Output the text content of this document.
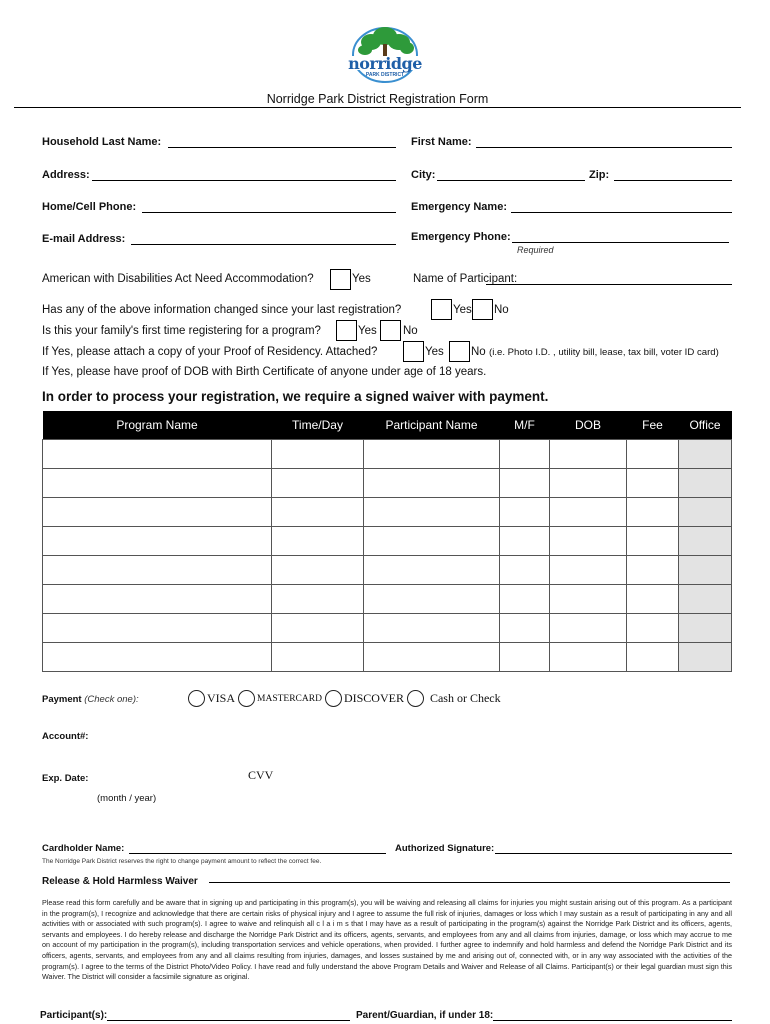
norridge
PARK DISTRICT
Norridge Park District Registration Form
Household Last Name:	First Name:
Address:	City:	Zip:
Home/Cell Phone:	Emergency Name:
E-mail Address:	Emergency Phone:
Required
American with Disabilities Act Need Accommodation?	Yes	Name of Participant:
Has any of the above information changed since your last registration?	Yes No
Is this your family's first time registering for a program?	Yes No
If Yes, please attach a copy of your Proof of Residency. Attached?	Yes No (i.e. Photo I.D. , utility bill, lease, tax bill, voter ID card)
If Yes, please have proof of DOB with Birth Certificate of anyone under age of 18 years.
In order to process your registration, we require a signed waiver with payment.
Program Name	Time/Day	Participant Name	M/F	DOB	Fee	Office

Payment (Check one):	VISA MASTERCARD DISCOVER Cash or Check
Account#:
Exp. Date:	CVV
(month / year)
Cardholder Name:	Authorized Signature:
The Norridge Park District reserves the right to change payment amount to reflect the correct fee.
Release & Hold Harmless Waiver
Please read this form carefully and be aware that in signing up and participating in this program(s), you will be waiving and releasing all claims for injuries you might sustain arising out of this program. As a participant in the program(s), I recognize and acknowledge that there are certain risks of physical injury and I agree to assume the full risk of injuries, damages or loss which I may sustain as a result of participating in any and all activities with or associated with such program(s). I agree to waive and relinquish all c l a i m s that I may have as a result of participating in the program(s) against the Norridge Park District and its officers, agents, servants and employees. I do hereby release and discharge the Norridge Park District and its officers, agents, servants, and employees from any and all claims from injuries, damage, or loss which may accrue to me on account of my participation in the program(s), including transportation services and vehicle operations, when provided. I further agree to indemnify and hold harmless and defend the Norridge Park District and its officers, agents, servants, and employees from any and all claims resulting from injuries, damages, and losses sustained by me and arising out of, connected with, or in any way associated with the activities of the program(s). I agree to the terms of the District Photo/Video Policy. I have read and fully understand the above Program Details and Waiver and Release of all Claims. Participant(s) or their legal guardian must sign this Waiver. The District will consider a facsimile signature as original.
Participant(s):	Parent/Guardian, if under 18:
